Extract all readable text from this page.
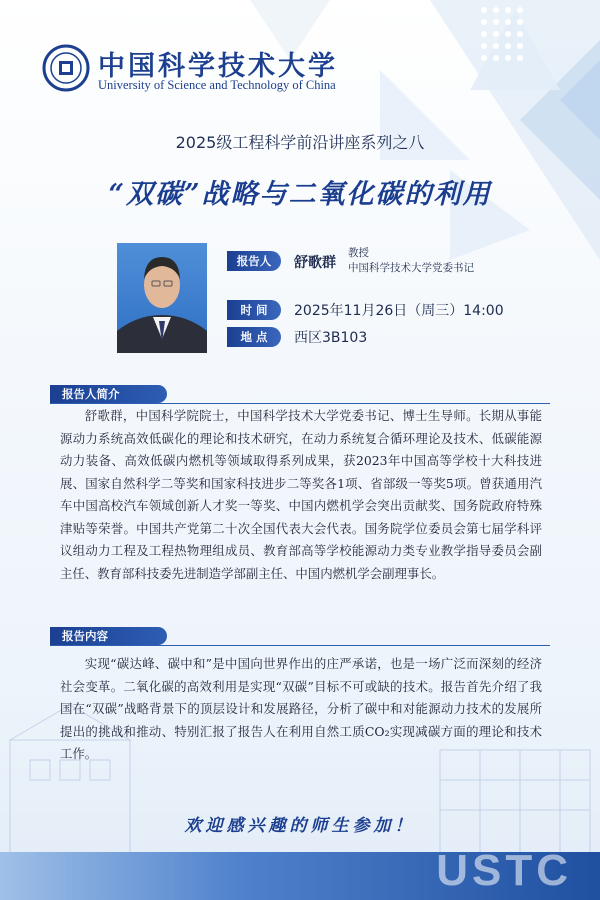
中国科学技术大学
University of Science and Technology of China
2025级工程科学前沿讲座系列之八
“双碳”战略与二氧化碳的利用
报告人	舒歌群
教授
中国科学技术大学党委书记
时 间	2025年11月26日（周三）14:00
地 点	西区3B103
报告人简介

舒歌群，中国科学院院士，中国科学技术大学党委书记、博士生导师。长期从事能源动力系统高效低碳化的理论和技术研究，在动力系统复合循环理论及技术、低碳能源动力装备、高效低碳内燃机等领域取得系列成果，获2023年中国高等学校十大科技进展、国家自然科学二等奖和国家科技进步二等奖各1项、省部级一等奖5项。曾获通用汽车中国高校汽车领域创新人才奖一等奖、中国内燃机学会突出贡献奖、国务院政府特殊津贴等荣誉。中国共产党第二十次全国代表大会代表。国务院学位委员会第七届学科评议组动力工程及工程热物理组成员、教育部高等学校能源动力类专业教学指导委员会副主任、教育部科技委先进制造学部副主任、中国内燃机学会副理事长。

报告内容

实现“碳达峰、碳中和”是中国向世界作出的庄严承诺，也是一场广泛而深刻的经济社会变革。二氧化碳的高效利用是实现“双碳”目标不可或缺的技术。报告首先介绍了我国在“双碳”战略背景下的顶层设计和发展路径，分析了碳中和对能源动力技术的发展所提出的挑战和推动、特别汇报了报告人在利用自然工质CO₂实现减碳方面的理论和技术工作。

欢迎感兴趣的师生参加！
USTC
